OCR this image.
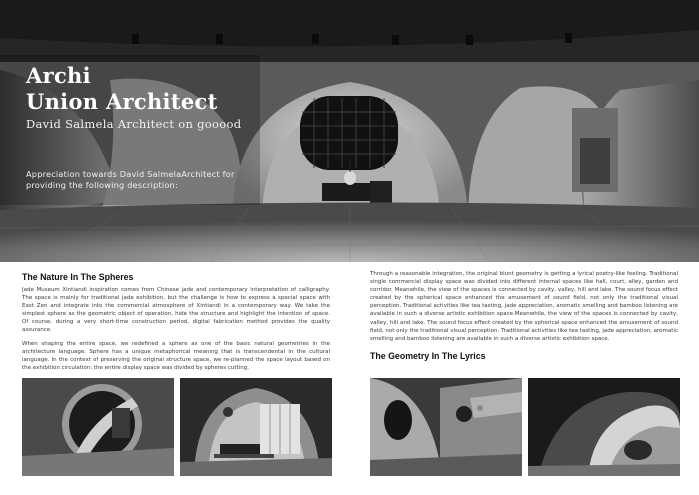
Archi
Union Architect

David Salmela Architect on gooood

Appreciation towards David SalmelaArchitect for providing the following description:

The Nature In The Spheres

Jade Museum Xintiandi inspiration comes from Chinese jade and contemporary interpretation of calligraphy. The space is mainly for traditional jade exhibition, but the challenge is how to express a special space with East Zen and integrate into the commercial atmosphere of Xintiandi in a contemporary way. We take the simplest sphere as the geometric object of operation, hide the structure and highlight the intention of space. Of course, during a very short-time construction period, digital fabrication method provides the quality assurance.

When shaping the entire space, we redefined a sphere as one of the basic natural geometries in the architecture language. Sphere has a unique metaphorical meaning that is transcendental in the cultural language. In the context of preserving the original structure space, we re-planned the space layout based on the exhibition circulation: the entire display space was divided by spheres cutting.

Through a reasonable integration, the original blunt geometry is getting a lyrical poetry-like feeling. Traditional single commercial display space was divided into different internal spaces like hall, court, alley, garden and corridor. Meanwhile, the view of the spaces is connected by cavity, valley, hill and lake. The sound focus effect created by the spherical space enhanced the amusement of sound field, not only the traditional visual perception. Traditional activities like tea tasting, jade appreciation, aromatic smelling and bamboo listening are available in such a diverse artistic exhibition space.Meanwhile, the view of the spaces is connected by cavity, valley, hill and lake. The sound focus effect created by the spherical space enhanced the amusement of sound field, not only the traditional visual perception. Traditional activities like tea tasting, jade appreciation, aromatic smelling and bamboo listening are available in such a diverse artistic exhibition space.

The Geometry In The Lyrics
